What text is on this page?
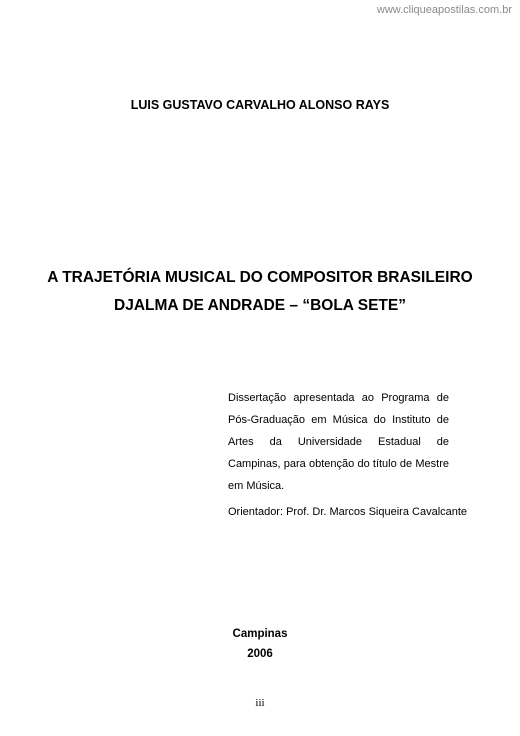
www.cliqueapostilas.com.br
LUIS GUSTAVO CARVALHO ALONSO RAYS
A TRAJETÓRIA MUSICAL DO COMPOSITOR BRASILEIRO
DJALMA DE ANDRADE – “BOLA SETE”
Dissertação apresentada ao Programa de Pós-Graduação em Música do Instituto de Artes da Universidade Estadual de Campinas, para obtenção do título de Mestre em Música.
Orientador: Prof. Dr. Marcos Siqueira Cavalcante
Campinas
2006
iii
